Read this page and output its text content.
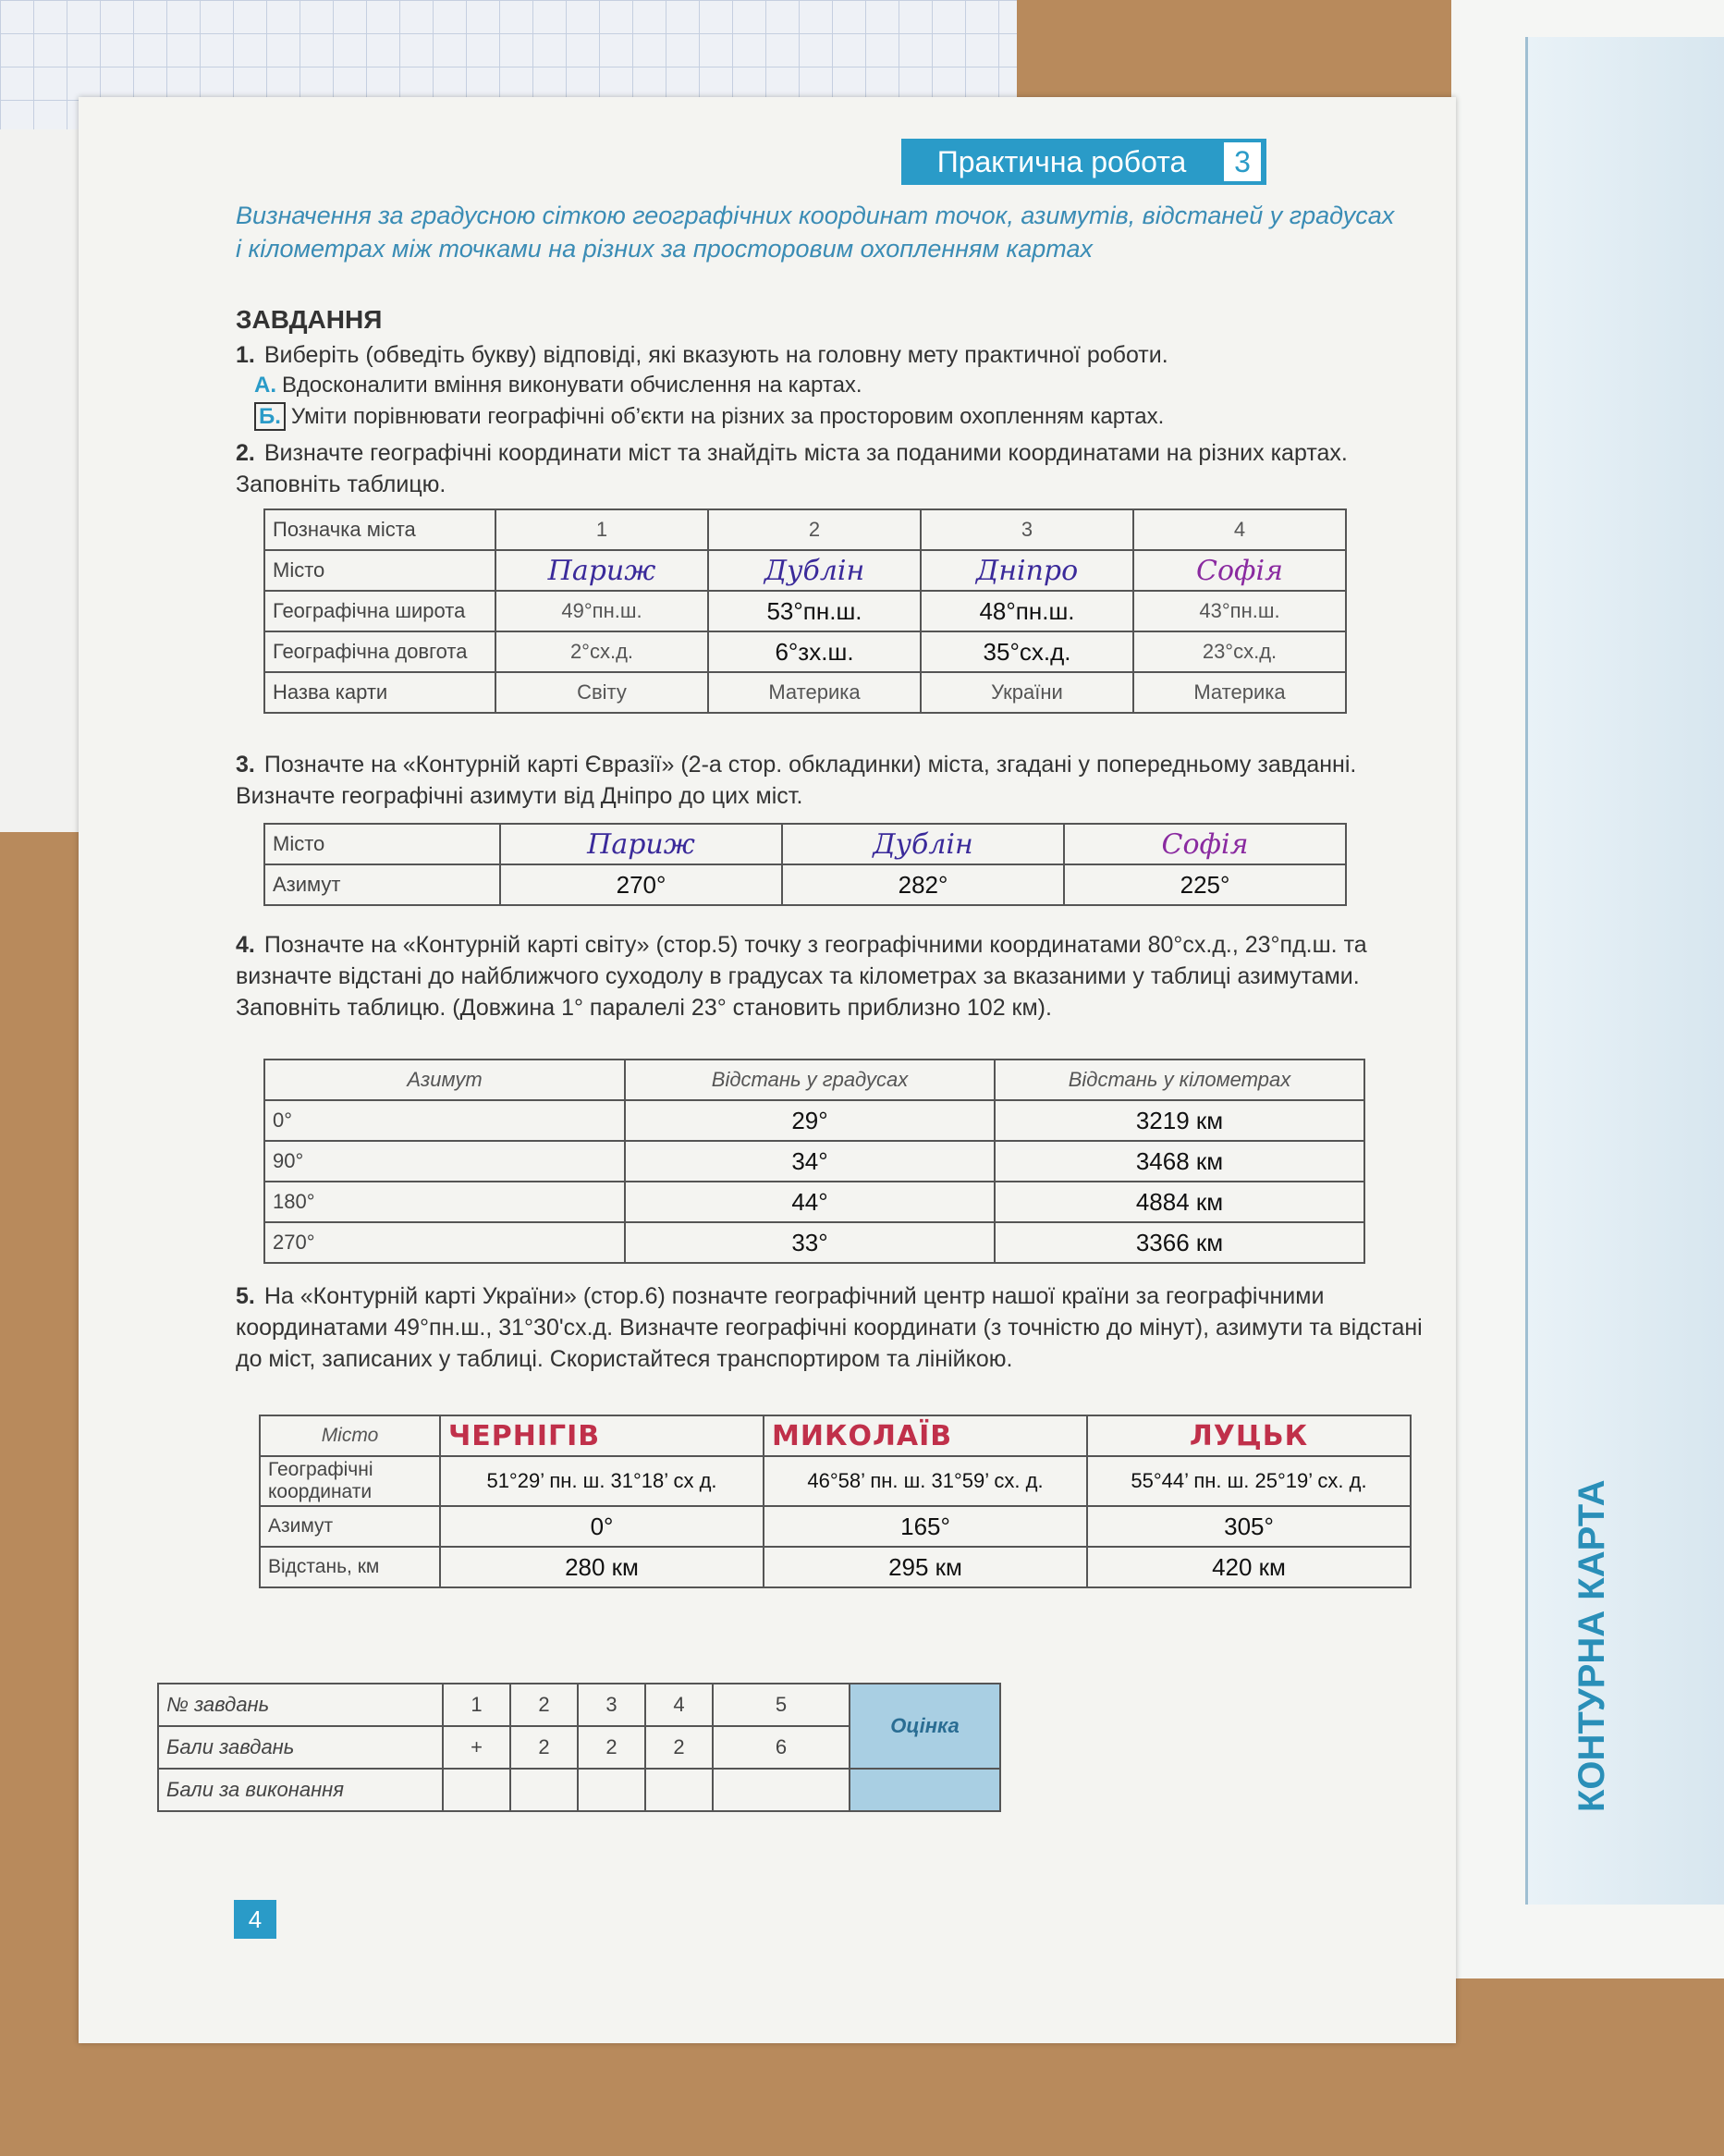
КОНТУРНА КАРТА
Практична робота	3
Визначення за градусною сіткою географічних координат точок, азимутів, відстаней у градусах і кілометрах між точками на різних за просторовим охопленням картах
ЗАВДАННЯ
1. Виберіть (обведіть букву) відповіді, які вказують на головну мету практичної роботи.
А. Вдосконалити вміння виконувати обчислення на картах.
Б. Уміти порівнювати географічні об’єкти на різних за просторовим охопленням картах.
2. Визначте географічні координати міст та знайдіть міста за поданими координатами на різних картах. Заповніть таблицю.
Позначка міста	1	2	3	4
Місто	Париж	Дублін	Дніпро	Софія
Географічна широта	49°пн.ш.	53°пн.ш.	48°пн.ш.	43°пн.ш.
Географічна довгота	2°сх.д.	6°зх.ш.	35°сх.д.	23°сх.д.
Назва карти	Світу	Материка	України	Материка
3. Позначте на «Контурній карті Євразії» (2-а стор. обкладинки) міста, згадані у попередньому завданні. Визначте географічні азимути від Дніпро до цих міст.
Місто	Париж	Дублін	Софія
Азимут	270°	282°	225°
4. Позначте на «Контурній карті світу» (стор.5) точку з географічними координатами 80°сх.д., 23°пд.ш. та визначте відстані до найближчого суходолу в градусах та кілометрах за вказаними у таблиці азимутами. Заповніть таблицю. (Довжина 1° паралелі 23° становить приблизно 102 км).
Азимут	Відстань у градусах	Відстань у кілометрах
0°	29°	3219 км
90°	34°	3468 км
180°	44°	4884 км
270°	33°	3366 км
5. На «Контурній карті України» (стор.6) позначте географічний центр нашої країни за географічними координатами 49°пн.ш., 31°30'сх.д. Визначте географічні координати (з точністю до мінут), азимути та відстані до міст, записаних у таблиці. Скористайтеся транспортиром та лінійкою.
Місто	ЧЕРНІГІВ	МИКОЛАЇВ	ЛУЦЬК
Географічні координати	51°29’ пн. ш. 31°18’ сх д.	46°58’ пн. ш. 31°59’ сх. д.	55°44’ пн. ш. 25°19’ сх. д.
Азимут	0°	165°	305°
Відстань, км	280 км	295 км	420 км
№ завдань	1	2	3	4	5	Оцінка
Бали завдань	+	2	2	2	6	
Бали за виконання						
4
